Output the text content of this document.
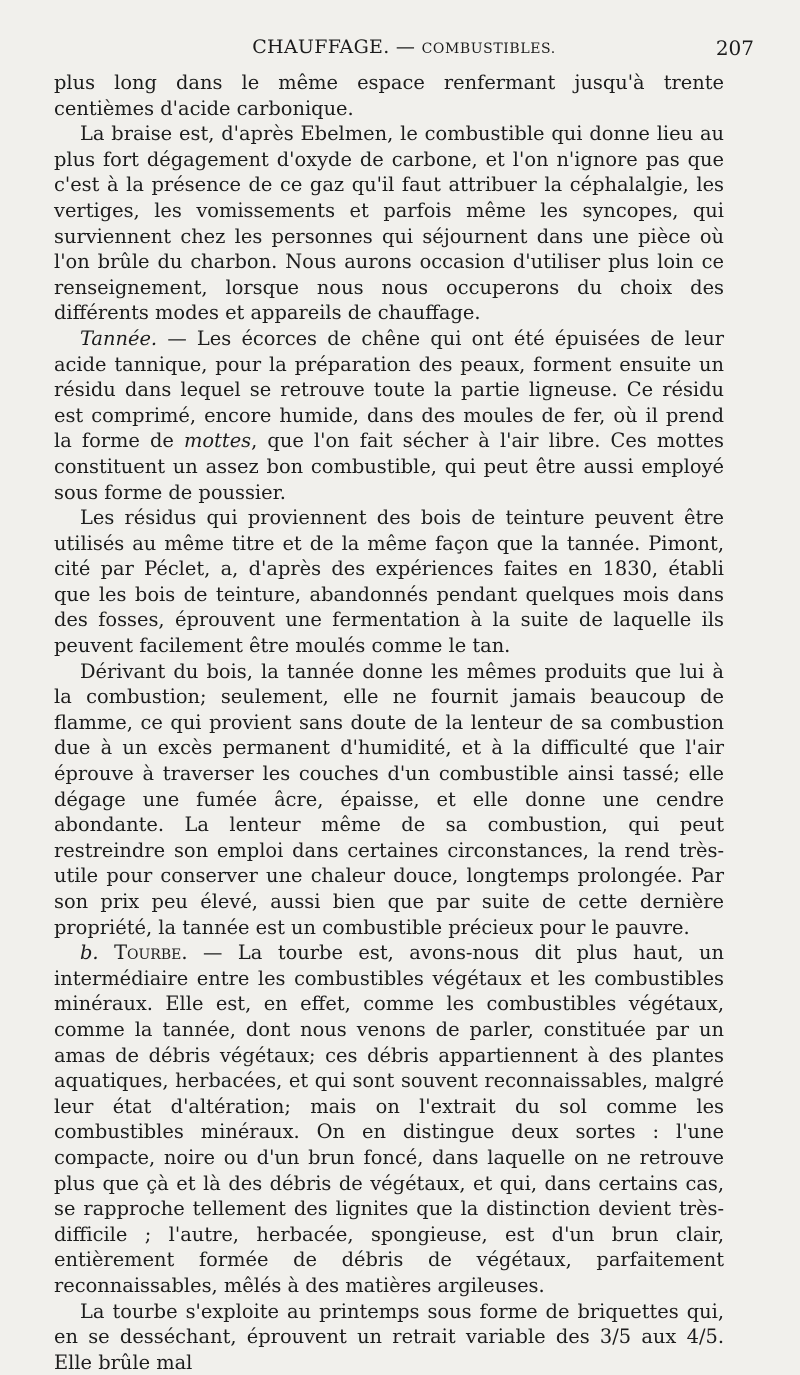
CHAUFFAGE. — COMBUSTIBLES.	207

plus long dans le même espace renfermant jusqu'à trente centièmes d'acide carbonique.

La braise est, d'après Ebelmen, le combustible qui donne lieu au plus fort dégagement d'oxyde de carbone, et l'on n'ignore pas que c'est à la présence de ce gaz qu'il faut attribuer la céphalalgie, les vertiges, les vomissements et parfois même les syncopes, qui surviennent chez les personnes qui séjournent dans une pièce où l'on brûle du charbon. Nous aurons occasion d'utiliser plus loin ce renseignement, lorsque nous nous occuperons du choix des différents modes et appareils de chauffage.

Tannée. — Les écorces de chêne qui ont été épuisées de leur acide tannique, pour la préparation des peaux, forment ensuite un résidu dans lequel se retrouve toute la partie ligneuse. Ce résidu est comprimé, encore humide, dans des moules de fer, où il prend la forme de mottes, que l'on fait sécher à l'air libre. Ces mottes constituent un assez bon combustible, qui peut être aussi employé sous forme de poussier.

Les résidus qui proviennent des bois de teinture peuvent être utilisés au même titre et de la même façon que la tannée. Pimont, cité par Péclet, a, d'après des expériences faites en 1830, établi que les bois de teinture, abandonnés pendant quelques mois dans des fosses, éprouvent une fermentation à la suite de laquelle ils peuvent facilement être moulés comme le tan.

Dérivant du bois, la tannée donne les mêmes produits que lui à la combustion; seulement, elle ne fournit jamais beaucoup de flamme, ce qui provient sans doute de la lenteur de sa combustion due à un excès permanent d'humidité, et à la difficulté que l'air éprouve à traverser les couches d'un combustible ainsi tassé; elle dégage une fumée âcre, épaisse, et elle donne une cendre abondante. La lenteur même de sa combustion, qui peut restreindre son emploi dans certaines circonstances, la rend très-utile pour conserver une chaleur douce, longtemps prolongée. Par son prix peu élevé, aussi bien que par suite de cette dernière propriété, la tannée est un combustible précieux pour le pauvre.

b. Tourbe. — La tourbe est, avons-nous dit plus haut, un intermédiaire entre les combustibles végétaux et les combustibles minéraux. Elle est, en effet, comme les combustibles végétaux, comme la tannée, dont nous venons de parler, constituée par un amas de débris végétaux; ces débris appartiennent à des plantes aquatiques, herbacées, et qui sont souvent reconnaissables, malgré leur état d'altération; mais on l'extrait du sol comme les combustibles minéraux. On en distingue deux sortes : l'une compacte, noire ou d'un brun foncé, dans laquelle on ne retrouve plus que çà et là des débris de végétaux, et qui, dans certains cas, se rapproche tellement des lignites que la distinction devient très-difficile ; l'autre, herbacée, spongieuse, est d'un brun clair, entièrement formée de débris de végétaux, parfaitement reconnaissables, mêlés à des matières argileuses.

La tourbe s'exploite au printemps sous forme de briquettes qui, en se desséchant, éprouvent un retrait variable des 3/5 aux 4/5. Elle brûle mal
